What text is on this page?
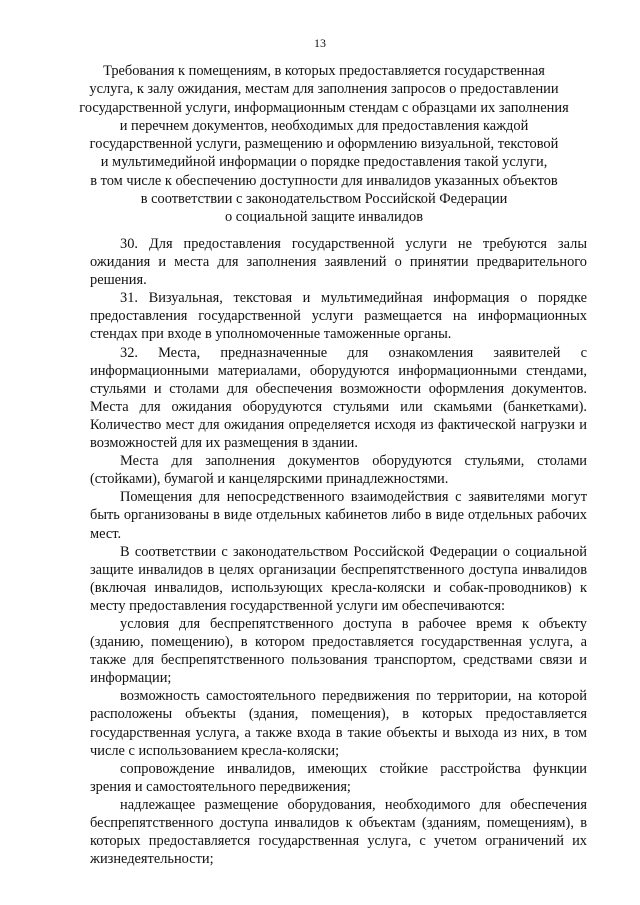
13
Требования к помещениям, в которых предоставляется государственная
услуга, к залу ожидания, местам для заполнения запросов о предоставлении
государственной услуги, информационным стендам с образцами их заполнения
и перечнем документов, необходимых для предоставления каждой
государственной услуги, размещению и оформлению визуальной, текстовой
и мультимедийной информации о порядке предоставления такой услуги,
в том числе к обеспечению доступности для инвалидов указанных объектов
в соответствии с законодательством Российской Федерации
о социальной защите инвалидов

30. Для предоставления государственной услуги не требуются залы ожидания и места для заполнения заявлений о принятии предварительного решения.

31. Визуальная, текстовая и мультимедийная информация о порядке предоставления государственной услуги размещается на информационных стендах при входе в уполномоченные таможенные органы.

32. Места, предназначенные для ознакомления заявителей с информационными материалами, оборудуются информационными стендами, стульями и столами для обеспечения возможности оформления документов. Места для ожидания оборудуются стульями или скамьями (банкетками). Количество мест для ожидания определяется исходя из фактической нагрузки и возможностей для их размещения в здании.

Места для заполнения документов оборудуются стульями, столами (стойками), бумагой и канцелярскими принадлежностями.

Помещения для непосредственного взаимодействия с заявителями могут быть организованы в виде отдельных кабинетов либо в виде отдельных рабочих мест.

В соответствии с законодательством Российской Федерации о социальной защите инвалидов в целях организации беспрепятственного доступа инвалидов (включая инвалидов, использующих кресла-коляски и собак-проводников) к месту предоставления государственной услуги им обеспечиваются:

условия для беспрепятственного доступа в рабочее время к объекту (зданию, помещению), в котором предоставляется государственная услуга, а также для беспрепятственного пользования транспортом, средствами связи и информации;

возможность самостоятельного передвижения по территории, на которой расположены объекты (здания, помещения), в которых предоставляется государственная услуга, а также входа в такие объекты и выхода из них, в том числе с использованием кресла-коляски;

сопровождение инвалидов, имеющих стойкие расстройства функции зрения и самостоятельного передвижения;

надлежащее размещение оборудования, необходимого для обеспечения беспрепятственного доступа инвалидов к объектам (зданиям, помещениям), в которых предоставляется государственная услуга, с учетом ограничений их жизнедеятельности;
